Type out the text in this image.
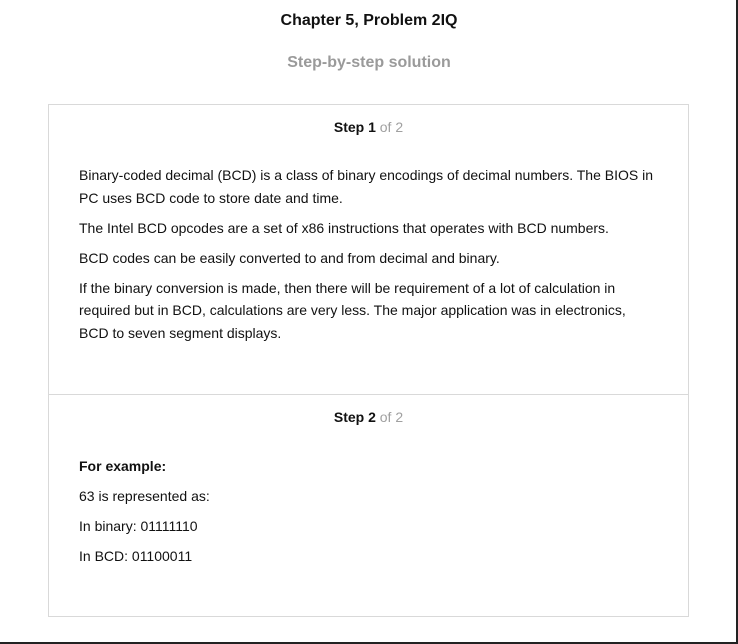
Chapter 5, Problem 2IQ
Step-by-step solution
Step 1 of 2

Binary-coded decimal (BCD) is a class of binary encodings of decimal numbers. The BIOS in PC uses BCD code to store date and time.

The Intel BCD opcodes are a set of x86 instructions that operates with BCD numbers.

BCD codes can be easily converted to and from decimal and binary.

If the binary conversion is made, then there will be requirement of a lot of calculation in required but in BCD, calculations are very less. The major application was in electronics, BCD to seven segment displays.

Step 2 of 2

For example:

63 is represented as:

In binary: 01111110

In BCD: 01100011
